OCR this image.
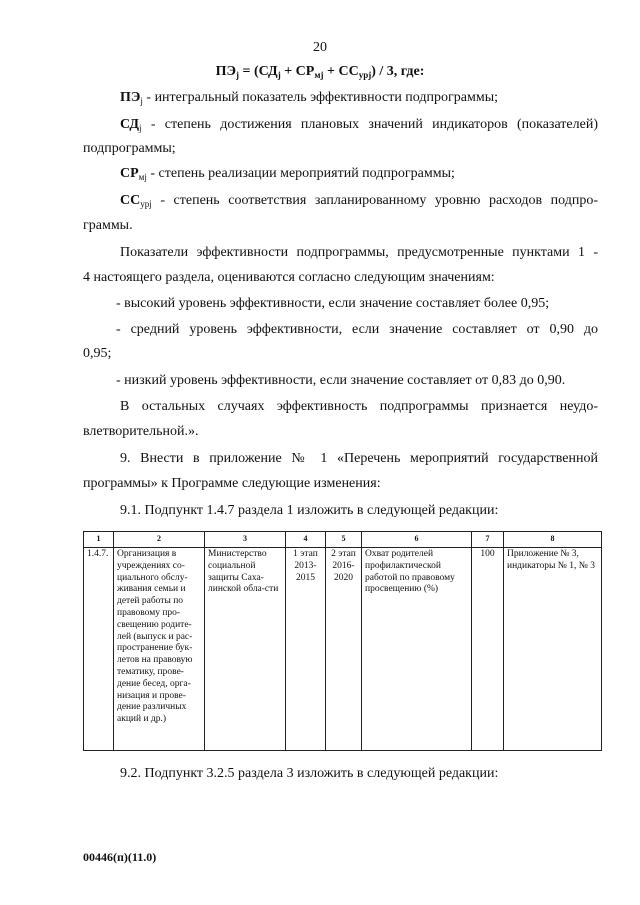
20
$ПЭ_j = (СД_j + СР_{мj} + СС_{урj}) / 3$, где:
$ПЭ_j$ - интегральный показатель эффективности подпрограммы;
$СД_j$ - степень достижения плановых значений индикаторов (показателей)
подпрограммы;
$СР_{мj}$ - степень реализации мероприятий подпрограммы;
$СС_{урj}$ - степень соответствия запланированному уровню расходов подпро-
граммы.
Показатели эффективности подпрограммы, предусмотренные пунктами 1 -
4 настоящего раздела, оцениваются согласно следующим значениям:
- высокий уровень эффективности, если значение составляет более 0,95;
- средний уровень эффективности, если значение составляет от 0,90 до
0,95;
- низкий уровень эффективности, если значение составляет от 0,83 до 0,90.
В остальных случаях эффективность подпрограммы признается неудо-
влетворительной.».
9. Внести в приложение № 1 «Перечень мероприятий государственной
программы» к Программе следующие изменения:
9.1. Подпункт 1.4.7 раздела 1 изложить в следующей редакции:
1	2	3	4	5	6	7	8
1.4.7.	Организация в учреждениях со-циального обслу-живания семьи и детей работы по правовому про-свещению родите-лей (выпуск и рас-пространение бук-летов на правовую тематику, прове-дение бесед, орга-низация и прове-дение различных акций и др.)	Министерство социальной защиты Саха-линской обла-сти	1 этап 2013-2015	2 этап 2016-2020	Охват родителей профилактической работой по правовому просвещению (%)	100	Приложение № 3, индикаторы № 1, № 3
9.2. Подпункт 3.2.5 раздела 3 изложить в следующей редакции:
00446(п)(11.0)
